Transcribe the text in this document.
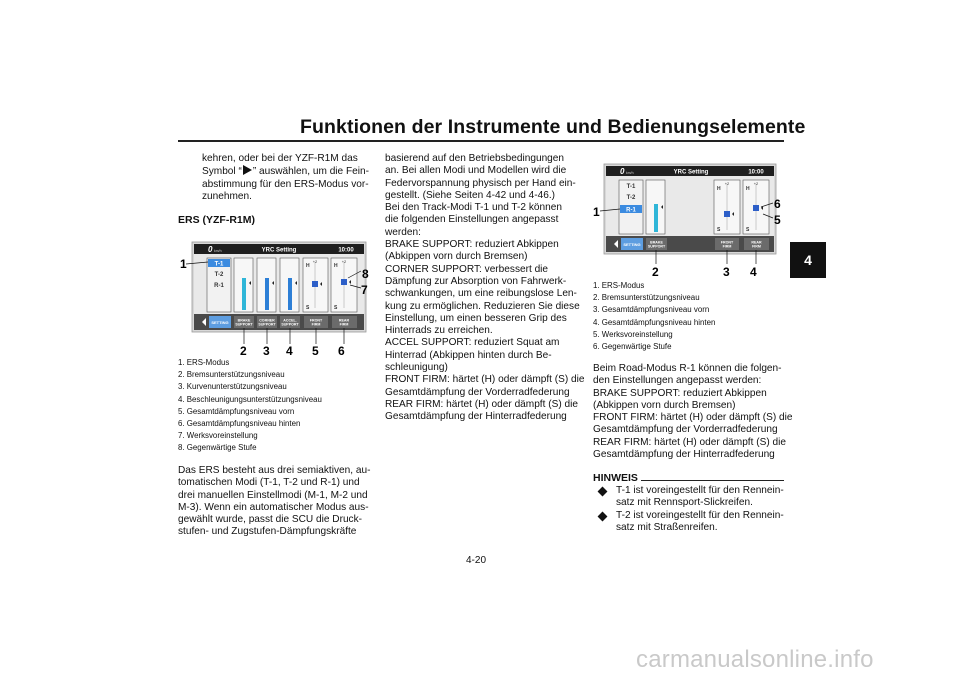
Funktionen der Instrumente und Bedienungselemente
4
kehren, oder bei der YZF-R1M das
Symbol “ ” auswählen, um die Fein-
abstimmung für den ERS-Modus vor-
zunehmen.
ERS (YZF-R1M)
0 km/h	YRC Setting	10:00
T-1
T-2
R-1
H
S
H
S
+2	+2
SETTING	BRAKE SUPPORT
CORNER SUPPORT
ACCEL. SUPPORT
FRONT FIRM
REAR FIRM
1
2 3 4 5 6
7
8
1. ERS-Modus
2. Bremsunterstützungsniveau
3. Kurvenunterstützungsniveau
4. Beschleunigungsunterstützungsniveau
5. Gesamtdämpfungsniveau vorn
6. Gesamtdämpfungsniveau hinten
7. Werksvoreinstellung
8. Gegenwärtige Stufe
Das ERS besteht aus drei semiaktiven, au-
tomatischen Modi (T-1, T-2 und R-1) und
drei manuellen Einstellmodi (M-1, M-2 und
M-3). Wenn ein automatischer Modus aus-
gewählt wurde, passt die SCU die Druck-
stufen- und Zugstufen-Dämpfungskräfte
basierend auf den Betriebsbedingungen
an. Bei allen Modi und Modellen wird die
Federvorspannung physisch per Hand ein-
gestellt. (Siehe Seiten 4-42 und 4-46.)
Bei den Track-Modi T-1 und T-2 können
die folgenden Einstellungen angepasst
werden:
BRAKE SUPPORT: reduziert Abkippen
(Abkippen vorn durch Bremsen)
CORNER SUPPORT: verbessert die
Dämpfung zur Absorption von Fahrwerk-
schwankungen, um eine reibungslose Len-
kung zu ermöglichen. Reduzieren Sie diese
Einstellung, um einen besseren Grip des
Hinterrads zu erreichen.
ACCEL SUPPORT: reduziert Squat am
Hinterrad (Abkippen hinten durch Be-
schleunigung)
FRONT FIRM: härtet (H) oder dämpft (S) die
Gesamtdämpfung der Vorderradfederung
REAR FIRM: härtet (H) oder dämpft (S) die
Gesamtdämpfung der Hinterradfederung
0 km/h	YRC Setting	10:00
T-1
T-2
R-1
H
S
H
S
+2	+2
SETTING	BRAKE SUPPORT
FRONT FIRM
REAR FIRM
1
2	3 4
5
6
1. ERS-Modus
2. Bremsunterstützungsniveau
3. Gesamtdämpfungsniveau vorn
4. Gesamtdämpfungsniveau hinten
5. Werksvoreinstellung
6. Gegenwärtige Stufe
Beim Road-Modus R-1 können die folgen-
den Einstellungen angepasst werden:
BRAKE SUPPORT: reduziert Abkippen
(Abkippen vorn durch Bremsen)
FRONT FIRM: härtet (H) oder dämpft (S) die
Gesamtdämpfung der Vorderradfederung
REAR FIRM: härtet (H) oder dämpft (S) die
Gesamtdämpfung der Hinterradfederung
HINWEIS
T-1 ist voreingestellt für den Rennein-
satz mit Rennsport-Slickreifen.
T-2 ist voreingestellt für den Rennein-
satz mit Straßenreifen.
4-20
carmanualsonline.info
